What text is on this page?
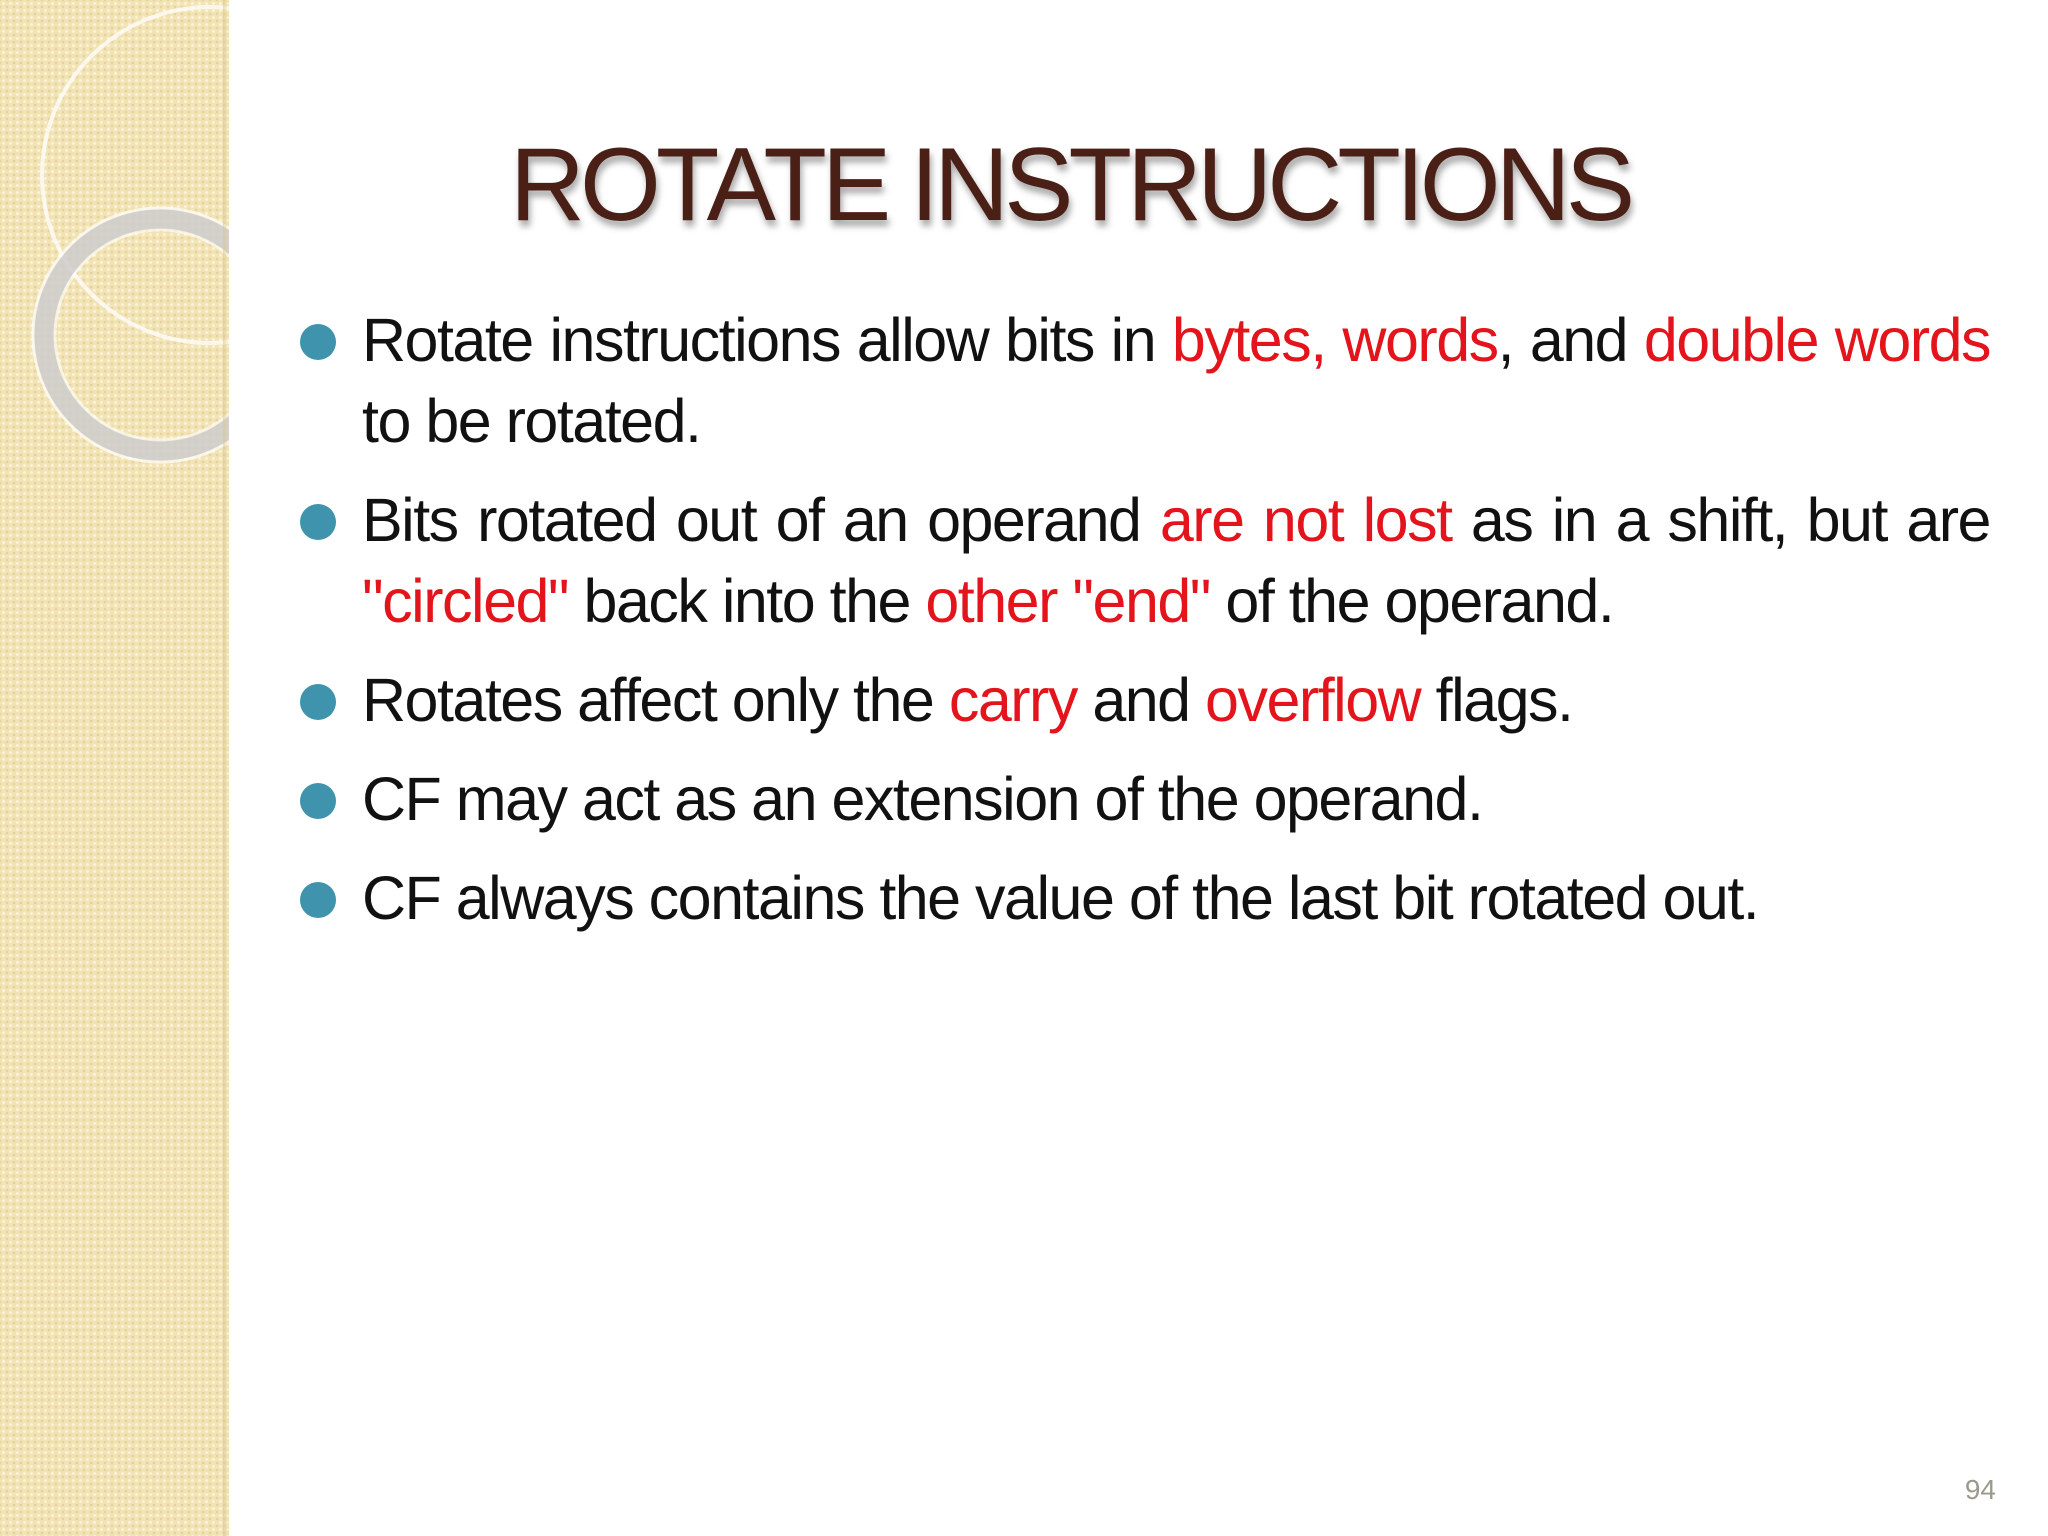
ROTATE INSTRUCTIONS
Rotate instructions allow bits in bytes, words, and double words to be rotated.
Bits rotated out of an operand are not lost as in a shift, but are "circled" back into the other "end" of the operand.
Rotates affect only the carry and overflow flags.
CF may act as an extension of the operand.
CF always contains the value of the last bit rotated out.
94
